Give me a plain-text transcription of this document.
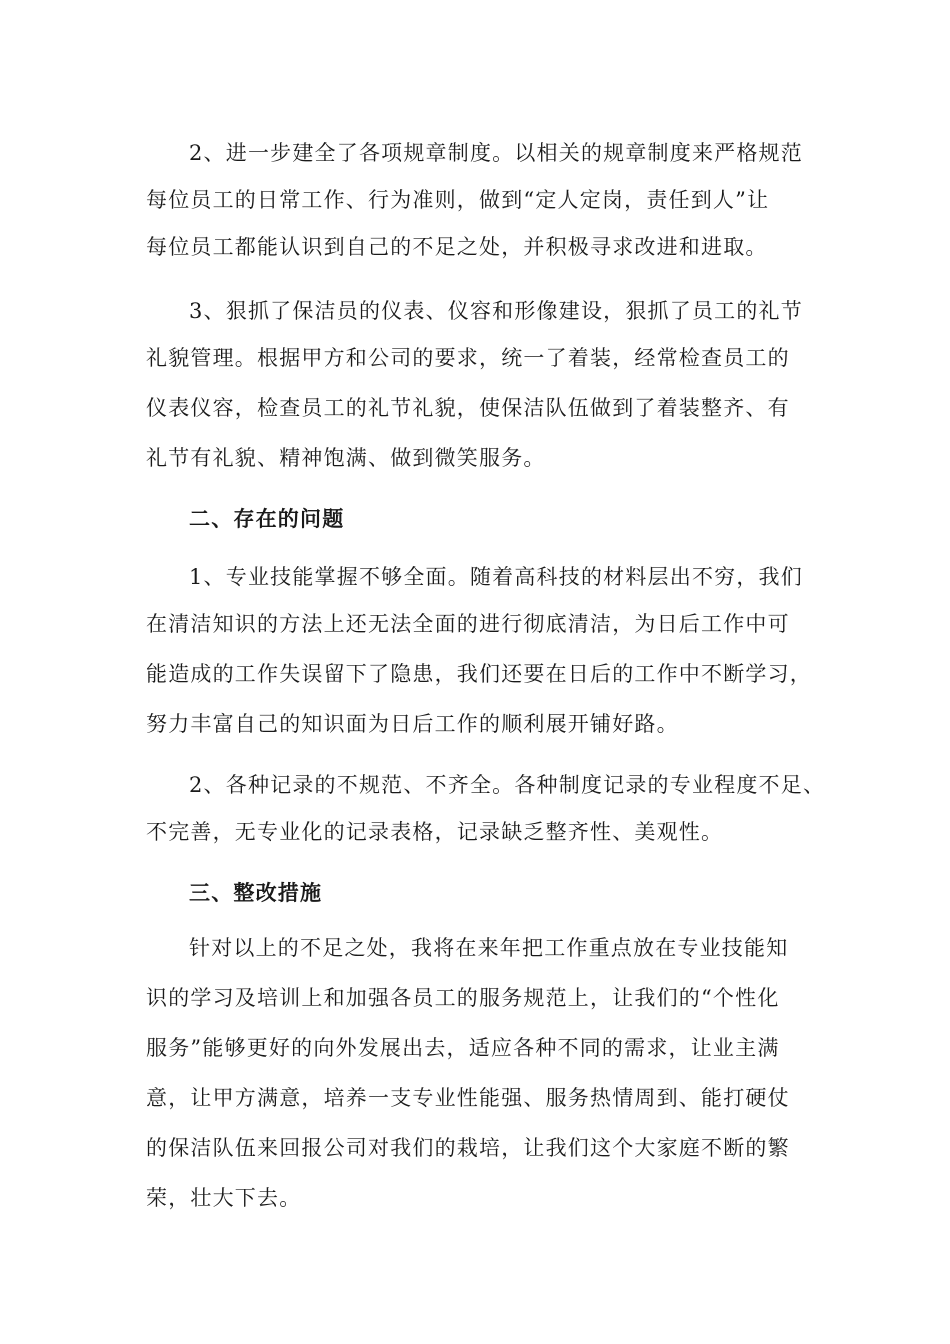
2、进一步建全了各项规章制度。以相关的规章制度来严格规范
每位员工的日常工作、行为准则，做到“定人定岗，责任到人”让
每位员工都能认识到自己的不足之处，并积极寻求改进和进取。
3、狠抓了保洁员的仪表、仪容和形像建设，狠抓了员工的礼节
礼貌管理。根据甲方和公司的要求，统一了着装，经常检查员工的
仪表仪容，检查员工的礼节礼貌，使保洁队伍做到了着装整齐、有
礼节有礼貌、精神饱满、做到微笑服务。
二、存在的问题
1、专业技能掌握不够全面。随着高科技的材料层出不穷，我们
在清洁知识的方法上还无法全面的进行彻底清洁，为日后工作中可
能造成的工作失误留下了隐患，我们还要在日后的工作中不断学习，
努力丰富自己的知识面为日后工作的顺利展开铺好路。
2、各种记录的不规范、不齐全。各种制度记录的专业程度不足、
不完善，无专业化的记录表格，记录缺乏整齐性、美观性。
三、整改措施
针对以上的不足之处，我将在来年把工作重点放在专业技能知
识的学习及培训上和加强各员工的服务规范上，让我们的“个性化
服务”能够更好的向外发展出去，适应各种不同的需求，让业主满
意，让甲方满意，培养一支专业性能强、服务热情周到、能打硬仗
的保洁队伍来回报公司对我们的栽培，让我们这个大家庭不断的繁
荣，壮大下去。
